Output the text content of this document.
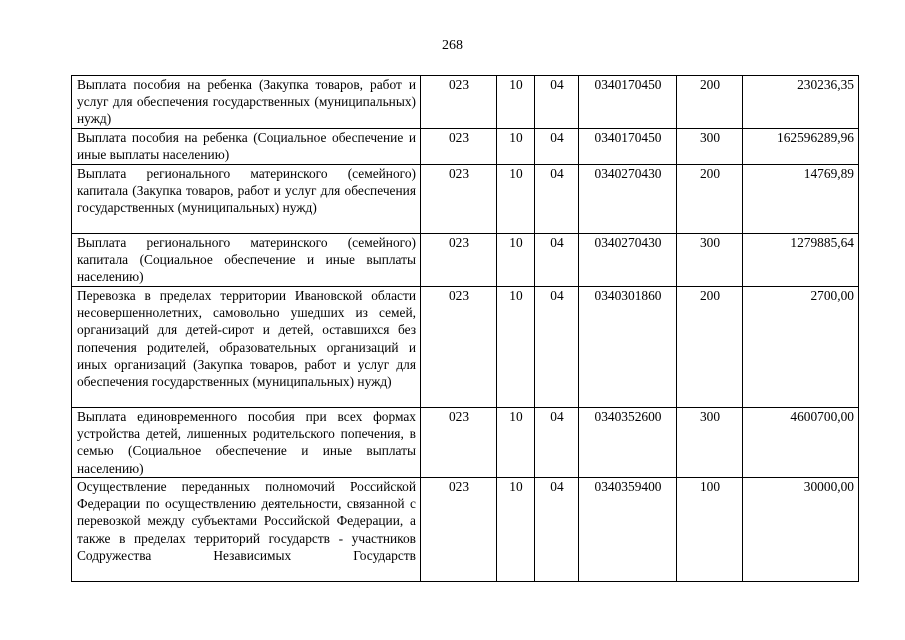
268
Выплата пособия на ребенка (Закупка товаров, работ и услуг для обеспечения государственных (муниципальных) нужд)	023	10	04	0340170450	200	230236,35
Выплата пособия на ребенка (Социальное обеспечение и иные выплаты населению)	023	10	04	0340170450	300	162596289,96
Выплата регионального материнского (семейного) капитала (Закупка товаров, работ и услуг для обеспечения государственных (муниципальных) нужд)	023	10	04	0340270430	200	14769,89
Выплата регионального материнского (семейного) капитала (Социальное обеспечение и иные выплаты населению)	023	10	04	0340270430	300	1279885,64
Перевозка в пределах территории Ивановской области несовершеннолетних, самовольно ушедших из семей, организаций для детей-сирот и детей, оставшихся без попечения родителей, образовательных организаций и иных организаций (Закупка товаров, работ и услуг для обеспечения государственных (муниципальных) нужд)	023	10	04	0340301860	200	2700,00
Выплата единовременного пособия при всех формах устройства детей, лишенных родительского попечения, в семью (Социальное обеспечение и иные выплаты населению)	023	10	04	0340352600	300	4600700,00
Осуществление переданных полномочий Российской Федерации по осуществлению деятельности, связанной с перевозкой между субъектами Российской Федерации, а также в пределах территорий государств - участников Содружества Независимых Государств	023	10	04	0340359400	100	30000,00
